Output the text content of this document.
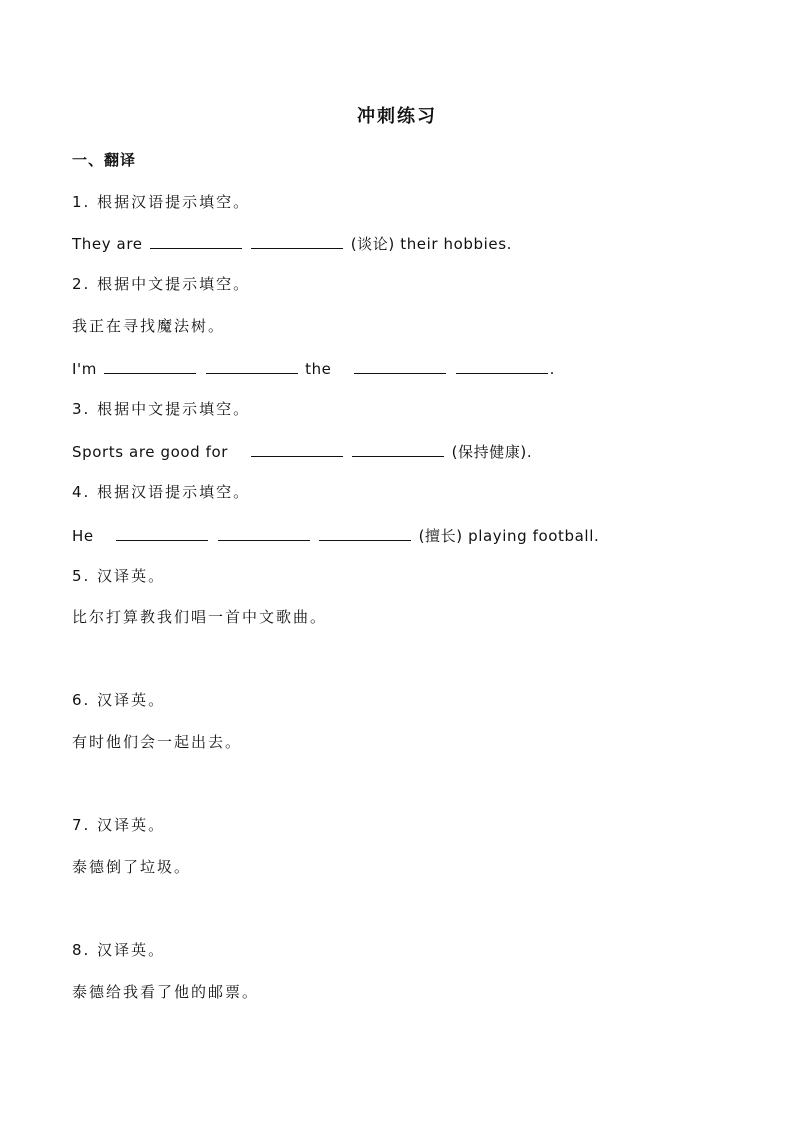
冲刺练习
一、翻译
1. 根据汉语提示填空。
They are	(谈论) their hobbies.
2. 根据中文提示填空。
我正在寻找魔法树。
I'm	the	.
3. 根据中文提示填空。
Sports are good for	(保持健康).
4. 根据汉语提示填空。
He	(擅长) playing football.
5. 汉译英。
比尔打算教我们唱一首中文歌曲。
6. 汉译英。
有时他们会一起出去。
7. 汉译英。
泰德倒了垃圾。
8. 汉译英。
泰德给我看了他的邮票。
